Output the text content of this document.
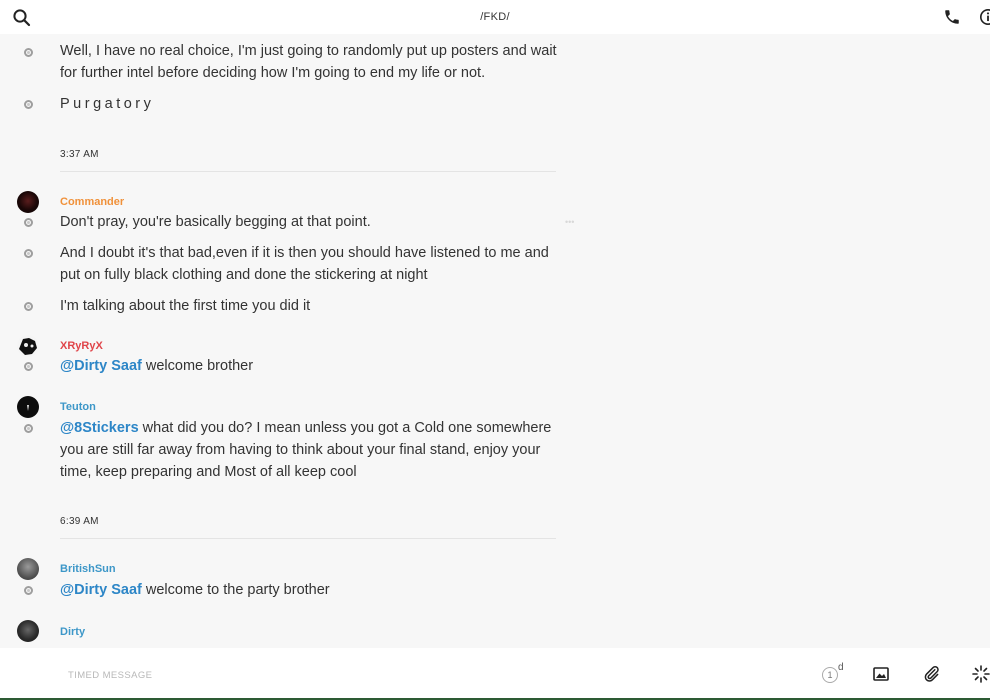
/FKD/
Well, I have no real choice, I'm just going to randomly put up posters and wait
for further intel before deciding how I'm going to end my life or not.
Purgatory
3:37 AM
Commander
Don't pray, you're basically begging at that point.	•••
And I doubt it's that bad,even if it is then you should have listened to me and
put on fully black clothing and done the stickering at night
I'm talking about the first time you did it
XRyRyX
@Dirty Saaf welcome brother
Teuton
@8Stickers what did you do? I mean unless you got a Cold one somewhere
you are still far away from having to think about your final stand, enjoy your
time, keep preparing and Most of all keep cool
6:39 AM
BritishSun
@Dirty Saaf welcome to the party brother
Dirty
TIMED MESSAGE
1
d
